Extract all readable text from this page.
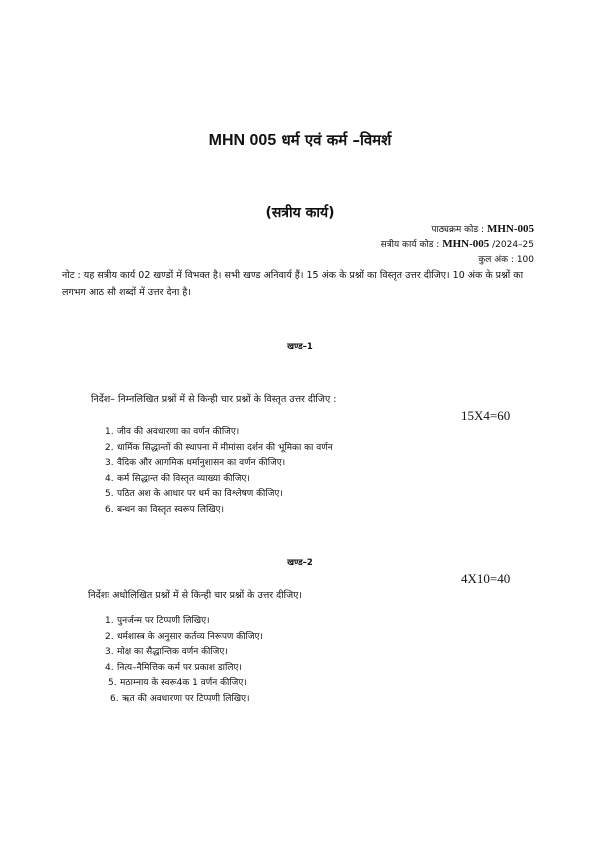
MHN 005 धर्म एवं कर्म –विमर्श
(सत्रीय कार्य)
पाठ्यक्रम कोड : MHN-005
सत्रीय कार्य कोड : MHN-005 /2024–25
कुल अंक : 100
नोट : यह सत्रीय कार्य 02 खण्डों में विभक्त है। सभी खण्ड अनिवार्य हैं। 15 अंक के प्रश्नों का विस्तृत उत्तर दीजिए। 10 अंक के प्रश्नों का लगभग आठ सौ शब्दों में उत्तर देना है।
खण्ड–1
निर्देश– निम्नलिखित प्रश्नों में से किन्ही चार प्रश्नों के विस्तृत उत्तर दीजिए :
15X4=60
1. जीव की अवधारणा का वर्णन कीजिए।
2. धार्मिक सिद्धान्तों की स्थापना में मीमांसा दर्शन की भूमिका का वर्णन
3. वैदिक और आगमिक धर्मानुशासन का वर्णन कीजिए।
4. कर्म सिद्धान्त की विस्तृत व्याख्या कीजिए।
5. पठित अश के आधार पर धर्म का विश्लेषण कीजिए।
6. बन्धन का विस्तृत स्वरूप लिखिए।
खण्ड–2
4X10=40
निर्देशः अधोलिखित प्रश्नों में से किन्ही चार प्रश्नों के उत्तर दीजिए।
1. पुनर्जन्म पर टिप्पणी लिखिए।
2. धर्मशास्त्र के अनुसार कर्तव्य निरूपण कीजिए।
3. मोक्ष का सैद्धान्तिक वर्णन कीजिए।
4. नित्य–नैमित्तिक कर्म पर प्रकाश डालिए।
5. मठाम्नाय के स्वरू4क 1 वर्णन कीजिए।
6. ऋत की अवधारणा पर टिप्पणी लिखिए।
